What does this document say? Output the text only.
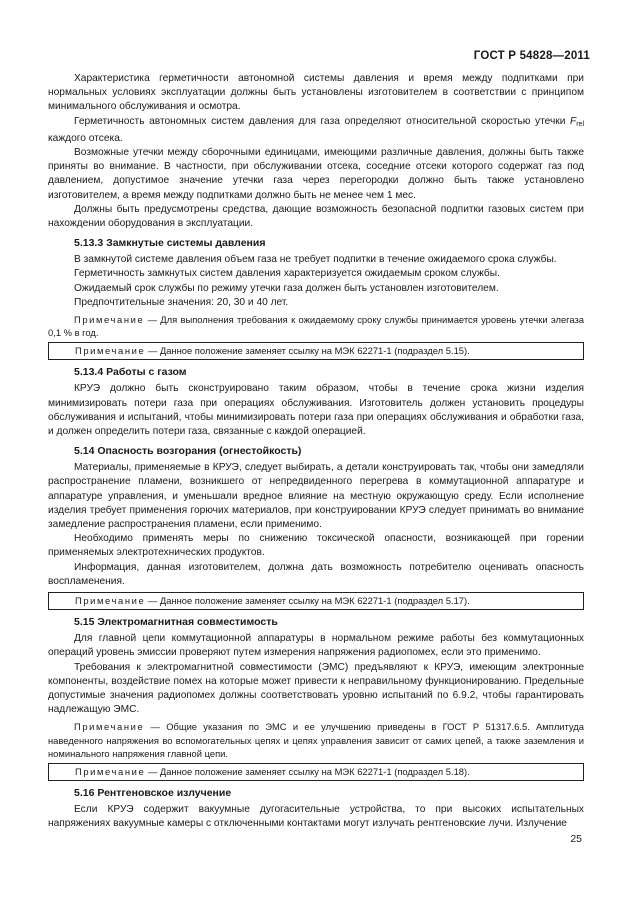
ГОСТ Р 54828—2011

Характеристика герметичности автономной системы давления и время между подпитками при нормальных условиях эксплуатации должны быть установлены изготовителем в соответствии с принципом минимального обслуживания и осмотра.

Герметичность автономных систем давления для газа определяют относительной скоростью утечки $F_{rel}$ каждого отсека.

Возможные утечки между сборочными единицами, имеющими различные давления, должны быть также приняты во внимание. В частности, при обслуживании отсека, соседние отсеки которого содержат газ под давлением, допустимое значение утечки газа через перегородки должно быть также установлено изготовителем, а время между подпитками должно быть не менее чем 1 мес.

Должны быть предусмотрены средства, дающие возможность безопасной подпитки газовых систем при нахождении оборудования в эксплуатации.

5.13.3 Замкнутые системы давления

В замкнутой системе давления объем газа не требует подпитки в течение ожидаемого срока службы.

Герметичность замкнутых систем давления характеризуется ожидаемым сроком службы.

Ожидаемый срок службы по режиму утечки газа должен быть установлен изготовителем.

Предпочтительные значения: 20, 30 и 40 лет.

Примечание — Для выполнения требования к ожидаемому сроку службы принимается уровень утечки элегаза 0,1 % в год.

Примечание — Данное положение заменяет ссылку на МЭК 62271-1 (подраздел 5.15).
5.13.4 Работы с газом

КРУЭ должно быть сконструировано таким образом, чтобы в течение срока жизни изделия минимизировать потери газа при операциях обслуживания. Изготовитель должен установить процедуры обслуживания и испытаний, чтобы минимизировать потери газа при операциях обслуживания и обработки газа, и должен определить потери газа, связанные с каждой операцией.

5.14 Опасность возгорания (огнестойкость)

Материалы, применяемые в КРУЭ, следует выбирать, а детали конструировать так, чтобы они замедляли распространение пламени, возникшего от непредвиденного перегрева в коммутационной аппаратуре и аппаратуре управления, и уменьшали вредное влияние на местную окружающую среду. Если исполнение изделия требует применения горючих материалов, при конструировании КРУЭ следует принимать во внимание замедление распространения пламени, если применимо.

Необходимо применять меры по снижению токсической опасности, возникающей при горении применяемых электротехнических продуктов.

Информация, данная изготовителем, должна дать возможность потребителю оценивать опасность воспламенения.

Примечание — Данное положение заменяет ссылку на МЭК 62271-1 (подраздел 5.17).
5.15 Электромагнитная совместимость

Для главной цепи коммутационной аппаратуры в нормальном режиме работы без коммутационных операций уровень эмиссии проверяют путем измерения напряжения радиопомех, если это применимо.

Требования к электромагнитной совместимости (ЭМС) предъявляют к КРУЭ, имеющим электронные компоненты, воздействие помех на которые может привести к неправильному функционированию. Предельные допустимые значения радиопомех должны соответствовать уровню испытаний по 6.9.2, чтобы гарантировать надлежащую ЭМС.

Примечание — Общие указания по ЭМС и ее улучшению приведены в ГОСТ Р 51317.6.5. Амплитуда наведенного напряжения во вспомогательных цепях и цепях управления зависит от самих цепей, а также заземления и номинального напряжения главной цепи.

Примечание — Данное положение заменяет ссылку на МЭК 62271-1 (подраздел 5.18).
5.16 Рентгеновское излучение

Если КРУЭ содержит вакуумные дугогасительные устройства, то при высоких испытательных напряжениях вакуумные камеры с отключенными контактами могут излучать рентгеновские лучи. Излучение

25
